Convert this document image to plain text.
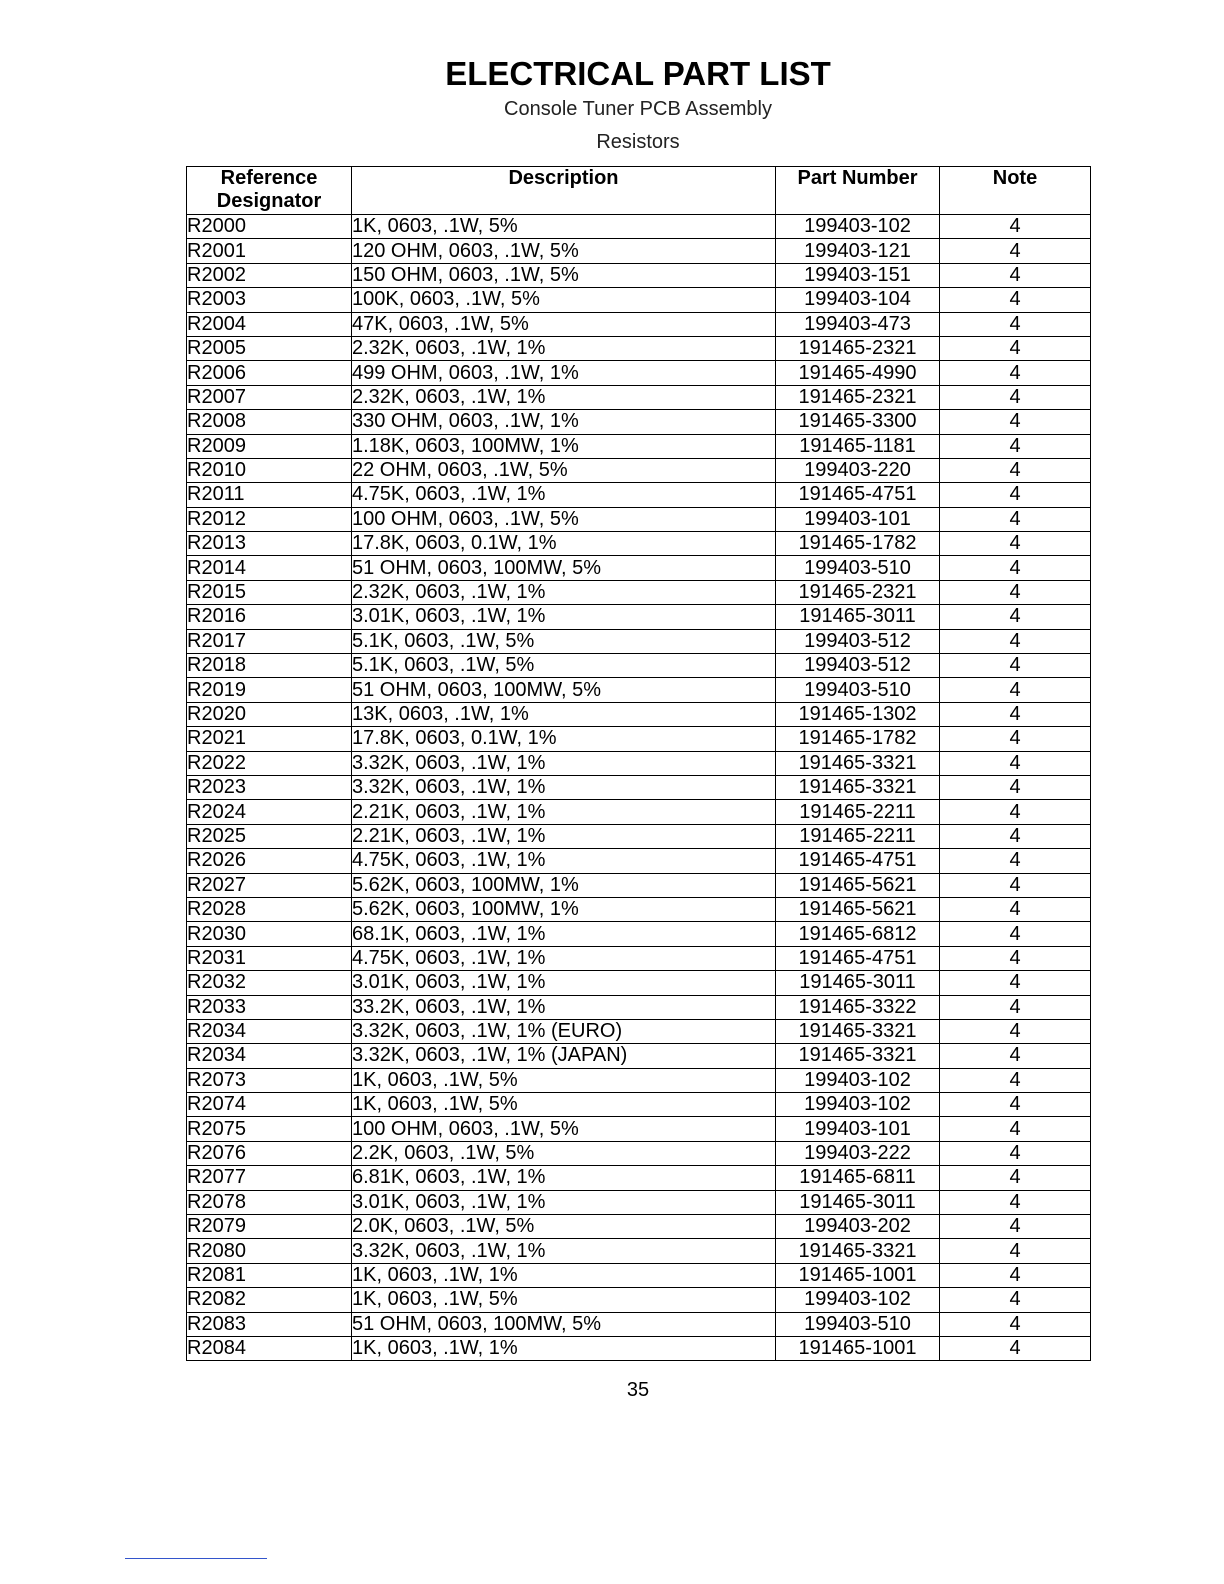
ELECTRICAL PART LIST
Console Tuner PCB Assembly
Resistors
Reference
Designator	Description	Part Number	Note
R2000	1K, 0603, .1W, 5%	199403-102	4
R2001	120 OHM, 0603, .1W, 5%	199403-121	4
R2002	150 OHM, 0603, .1W, 5%	199403-151	4
R2003	100K, 0603, .1W, 5%	199403-104	4
R2004	47K, 0603, .1W, 5%	199403-473	4
R2005	2.32K, 0603, .1W, 1%	191465-2321	4
R2006	499 OHM, 0603, .1W, 1%	191465-4990	4
R2007	2.32K, 0603, .1W, 1%	191465-2321	4
R2008	330 OHM, 0603, .1W, 1%	191465-3300	4
R2009	1.18K, 0603, 100MW, 1%	191465-1181	4
R2010	22 OHM, 0603, .1W, 5%	199403-220	4
R2011	4.75K, 0603, .1W, 1%	191465-4751	4
R2012	100 OHM, 0603, .1W, 5%	199403-101	4
R2013	17.8K, 0603, 0.1W, 1%	191465-1782	4
R2014	51 OHM, 0603, 100MW, 5%	199403-510	4
R2015	2.32K, 0603, .1W, 1%	191465-2321	4
R2016	3.01K, 0603, .1W, 1%	191465-3011	4
R2017	5.1K, 0603, .1W, 5%	199403-512	4
R2018	5.1K, 0603, .1W, 5%	199403-512	4
R2019	51 OHM, 0603, 100MW, 5%	199403-510	4
R2020	13K, 0603, .1W, 1%	191465-1302	4
R2021	17.8K, 0603, 0.1W, 1%	191465-1782	4
R2022	3.32K, 0603, .1W, 1%	191465-3321	4
R2023	3.32K, 0603, .1W, 1%	191465-3321	4
R2024	2.21K, 0603, .1W, 1%	191465-2211	4
R2025	2.21K, 0603, .1W, 1%	191465-2211	4
R2026	4.75K, 0603, .1W, 1%	191465-4751	4
R2027	5.62K, 0603, 100MW, 1%	191465-5621	4
R2028	5.62K, 0603, 100MW, 1%	191465-5621	4
R2030	68.1K, 0603, .1W, 1%	191465-6812	4
R2031	4.75K, 0603, .1W, 1%	191465-4751	4
R2032	3.01K, 0603, .1W, 1%	191465-3011	4
R2033	33.2K, 0603, .1W, 1%	191465-3322	4
R2034	3.32K, 0603, .1W, 1% (EURO)	191465-3321	4
R2034	3.32K, 0603, .1W, 1% (JAPAN)	191465-3321	4
R2073	1K, 0603, .1W, 5%	199403-102	4
R2074	1K, 0603, .1W, 5%	199403-102	4
R2075	100 OHM, 0603, .1W, 5%	199403-101	4
R2076	2.2K, 0603, .1W, 5%	199403-222	4
R2077	6.81K, 0603, .1W, 1%	191465-6811	4
R2078	3.01K, 0603, .1W, 1%	191465-3011	4
R2079	2.0K, 0603, .1W, 5%	199403-202	4
R2080	3.32K, 0603, .1W, 1%	191465-3321	4
R2081	1K, 0603, .1W, 1%	191465-1001	4
R2082	1K, 0603, .1W, 5%	199403-102	4
R2083	51 OHM, 0603, 100MW, 5%	199403-510	4
R2084	1K, 0603, .1W, 1%	191465-1001	4
35
